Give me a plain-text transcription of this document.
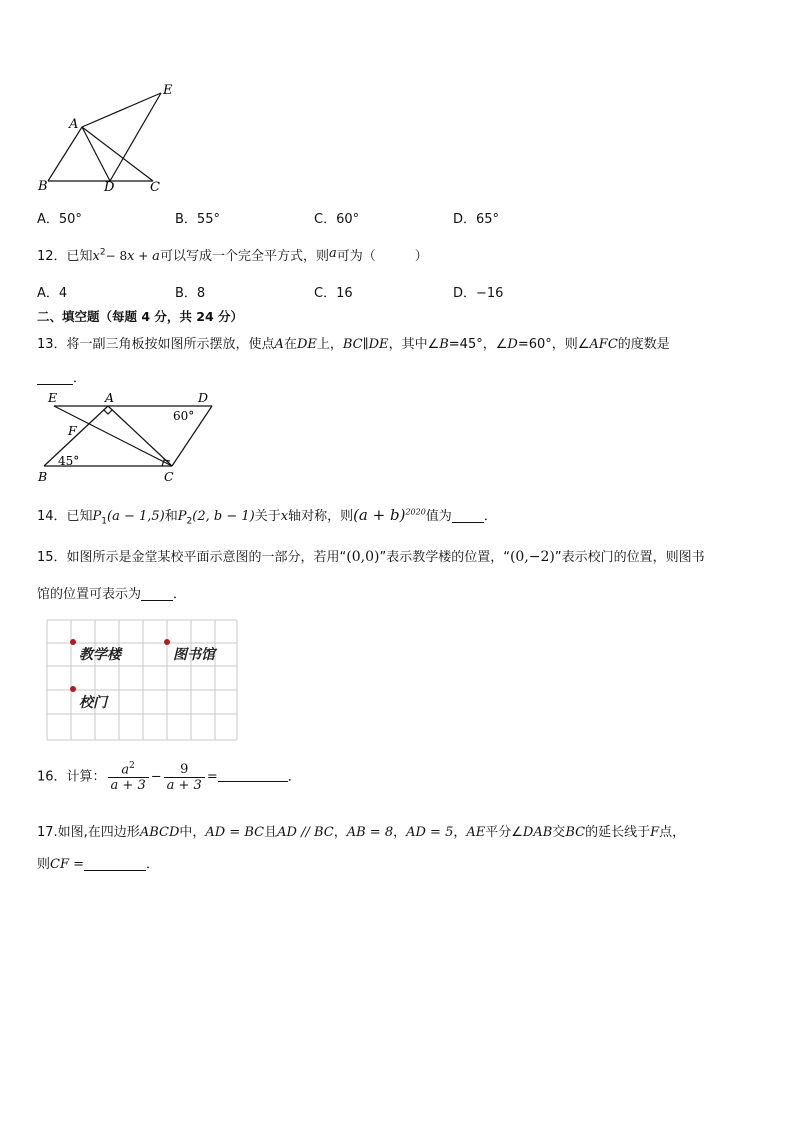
A
B	D	C
E
A．50°	B．55°	C．60°	D．65°
12．已知$x^2- 8x + a$可以写成一个完全平方式，则a可为（　　　）
A．4	B．8	C．16	D．−16
二、填空题（每题 4 分，共 24 分）
13．将一副三角板按如图所示摆放，使点A在DE上，BC∥DE，其中∠B=45°，∠D=60°，则∠AFC的度数是
．
E	A	D
F
B	C
60°
45°
14．已知$P_1(a - 1,5)$和$P_2(2$, b − 1)关于x轴对称，则$(a + b)^{2020}$值为 ．
15．如图所示是金堂某校平面示意图的一部分，若用“(0,0)”表示教学楼的位置，“(0,−2)”表示校门的位置，则图书
馆的位置可表示为 ．
教学楼	图书馆
校门
16．计算： $\frac{a^2}{a + 3} - \frac{9}{a + 3}$ =	．
17.如图,在四边形ABCD中，AD = BC且AD // BC，AB = 8，AD = 5，AE平分∠DAB交BC的延长线于F点，
则CF =	．
